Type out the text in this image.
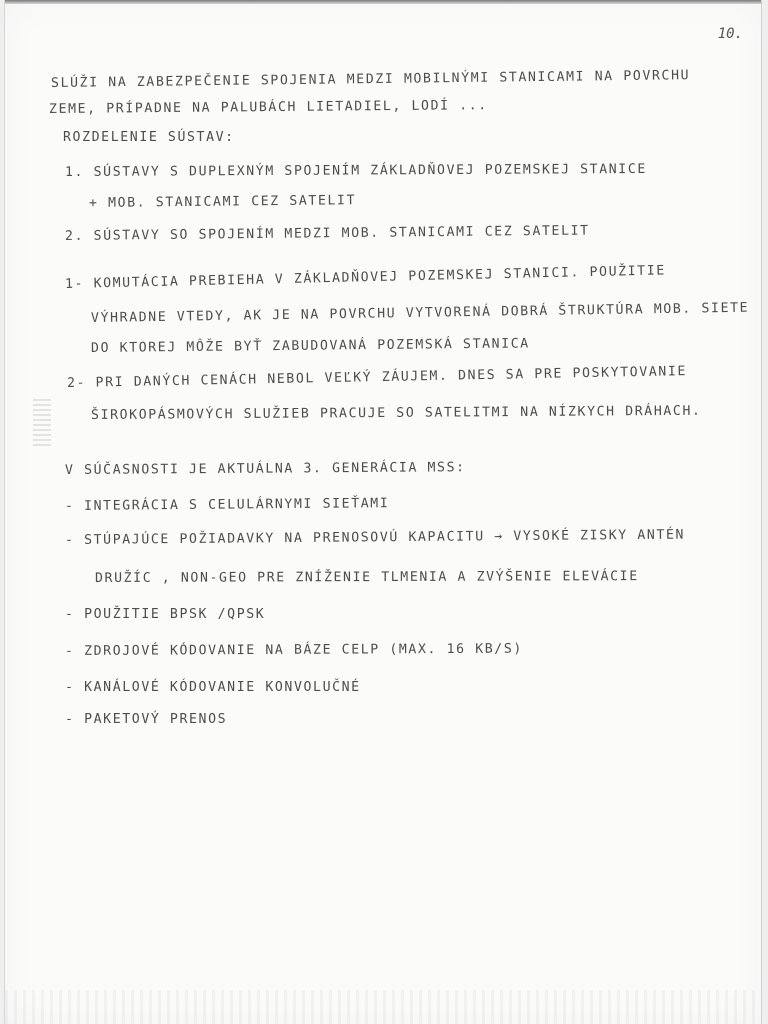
10.
SLÚŽI NA ZABEZPEČENIE SPOJENIA MEDZI MOBILNÝMI STANICAMI NA POVRCHU
ZEME, PRÍPADNE NA PALUBÁCH LIETADIEL, LODÍ ...
ROZDELENIE SÚSTAV:
1. SÚSTAVY S DUPLEXNÝM SPOJENÍM ZÁKLADŇOVEJ POZEMSKEJ STANICE
+ MOB. STANICAMI CEZ SATELIT
2. SÚSTAVY SO SPOJENÍM MEDZI MOB. STANICAMI CEZ SATELIT
1- KOMUTÁCIA PREBIEHA V ZÁKLADŇOVEJ POZEMSKEJ STANICI. POUŽITIE
VÝHRADNE VTEDY, AK JE NA POVRCHU VYTVORENÁ DOBRÁ ŠTRUKTÚRA MOB. SIETE
DO KTOREJ MÔŽE BYŤ ZABUDOVANÁ POZEMSKÁ STANICA
2- PRI DANÝCH CENÁCH NEBOL VEĽKÝ ZÁUJEM. DNES SA PRE POSKYTOVANIE
ŠIROKOPÁSMOVÝCH SLUŽIEB PRACUJE SO SATELITMI NA NÍZKYCH DRÁHACH.
V SÚČASNOSTI JE AKTUÁLNA 3. GENERÁCIA MSS:
- INTEGRÁCIA S CELULÁRNYMI SIEŤAMI
- STÚPAJÚCE POŽIADAVKY NA PRENOSOVÚ KAPACITU → VYSOKÉ ZISKY ANTÉN
DRUŽÍC , NON-GEO PRE ZNÍŽENIE TLMENIA A ZVÝŠENIE ELEVÁCIE
- POUŽITIE BPSK /QPSK
- ZDROJOVÉ KÓDOVANIE NA BÁZE CELP (MAX. 16 KB/S)
- KANÁLOVÉ KÓDOVANIE KONVOLUČNÉ
- PAKETOVÝ PRENOS
